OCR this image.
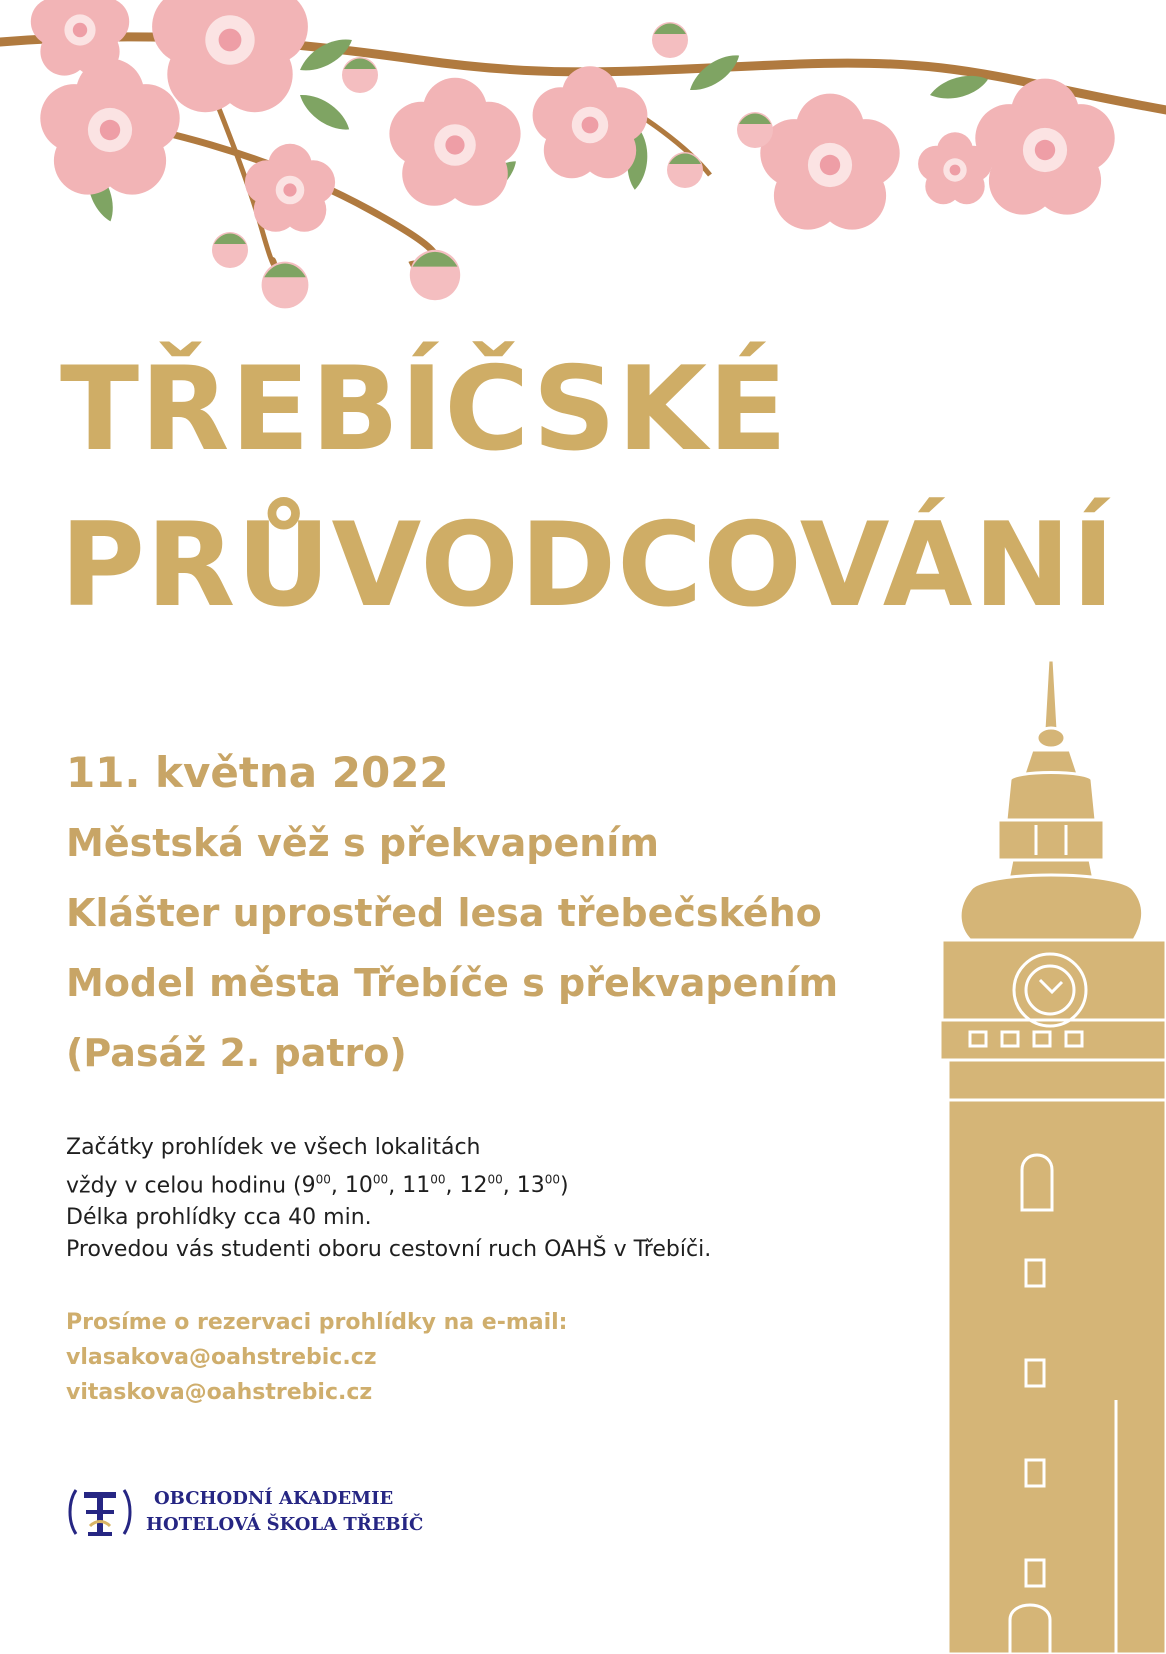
TŘEBÍČSKÉ
PRŮVODCOVÁNÍ
11. května 2022
Městská věž s překvapením
Klášter uprostřed lesa třebečského
Model města Třebíče s překvapením
(Pasáž 2. patro)
Začátky prohlídek ve všech lokalitách
vždy v celou hodinu ($9^{00}$, $10^{00}$, $11^{00}$, $12^{00}$, $13^{00}$)
Délka prohlídky cca 40 min.
Provedou vás studenti oboru cestovní ruch OAHŠ v Třebíči.
Prosíme o rezervaci prohlídky na e-mail:
vlasakova@oahstrebic.cz
vitaskova@oahstrebic.cz
OBCHODNÍ AKADEMIE
HOTELOVÁ ŠKOLA TŘEBÍČ
